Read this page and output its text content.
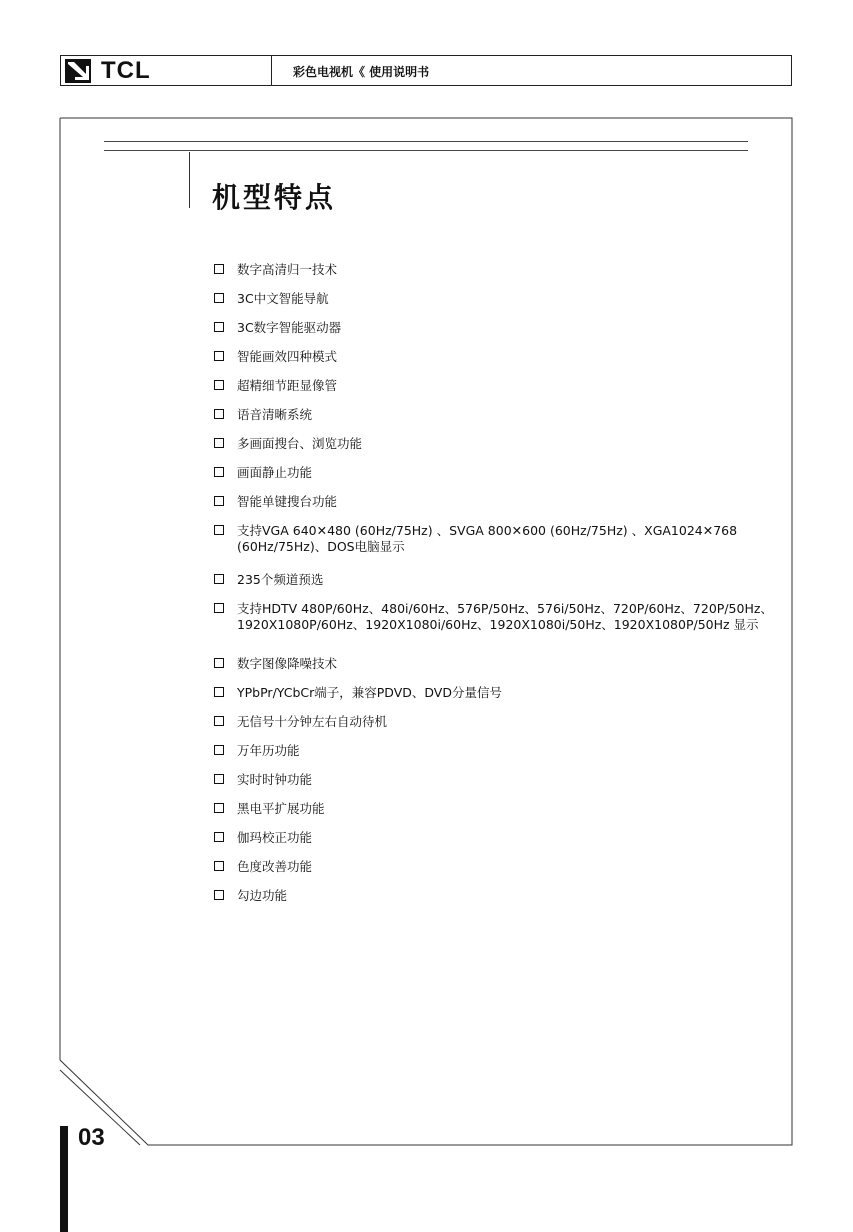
TCL	彩色电视机《 使用说明书
机型特点
数字高清归一技术
3C中文智能导航
3C数字智能驱动器
智能画效四种模式
超精细节距显像管
语音清晰系统
多画面搜台、浏览功能
画面静止功能
智能单键搜台功能
支持VGA 640✕480 (60Hz/75Hz) 、SVGA 800✕600 (60Hz/75Hz) 、XGA1024✕768 (60Hz/75Hz)、DOS电脑显示
235个频道预选
支持HDTV 480P/60Hz、480i/60Hz、576P/50Hz、576i/50Hz、720P/60Hz、720P/50Hz、1920X1080P/60Hz、1920X1080i/60Hz、1920X1080i/50Hz、1920X1080P/50Hz 显示
数字图像降噪技术
YPbPr/YCbCr端子，兼容PDVD、DVD分量信号
无信号十分钟左右自动待机
万年历功能
实时时钟功能
黑电平扩展功能
伽玛校正功能
色度改善功能
勾边功能
03
